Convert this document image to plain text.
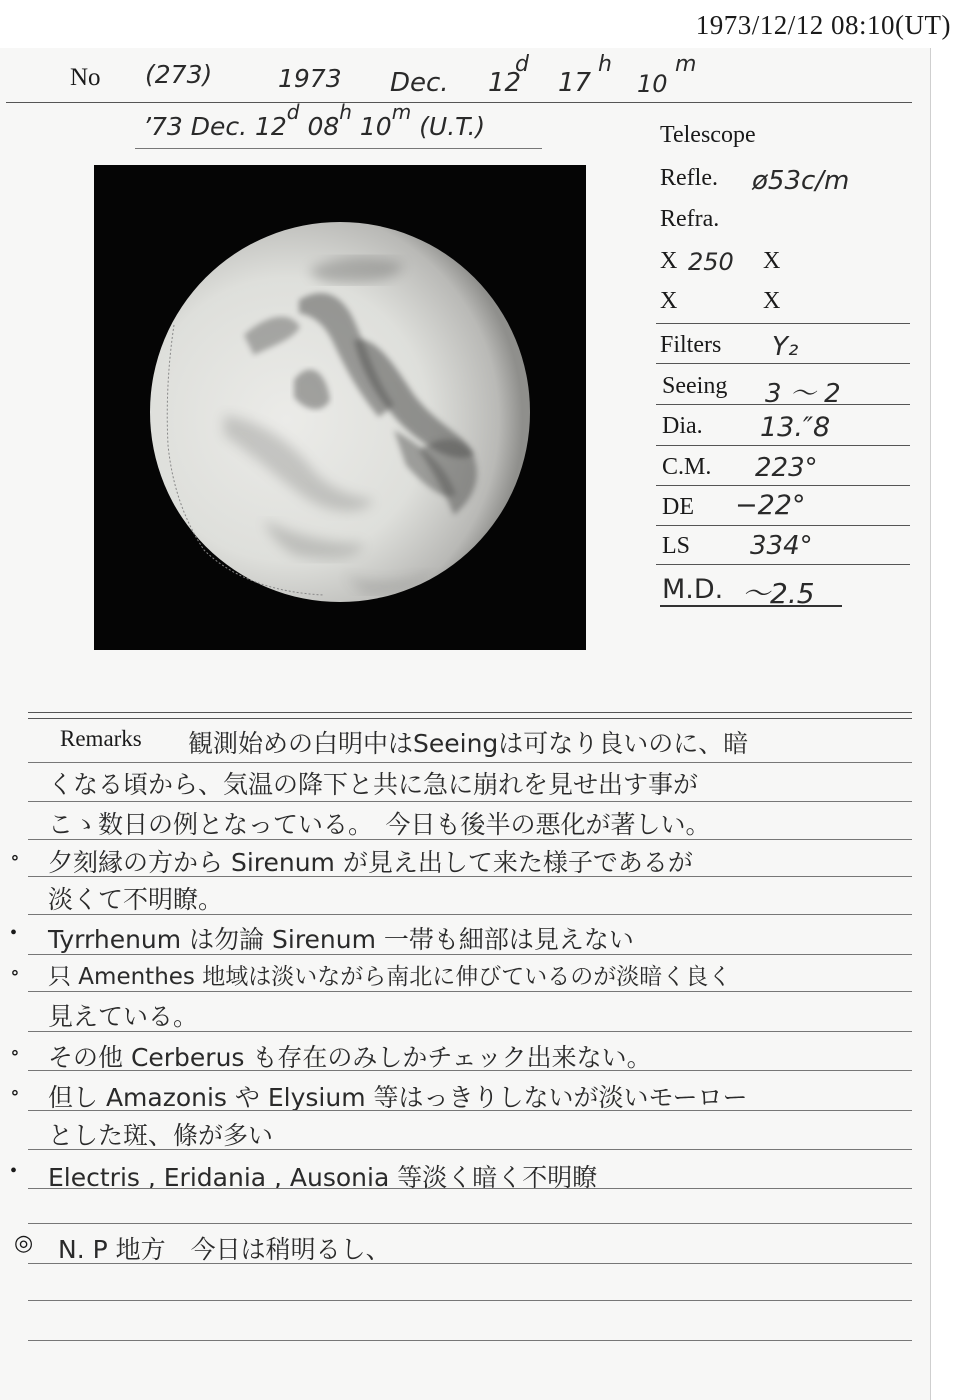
1973/12/12 08:10(UT)
No (273)	1973 Dec. 12
d
17
h
10
m
’73 Dec. 12$^d$ 08$^h$ 10$^m$ (U.T.)	Telescope
Refle. ø53c/m
Refra.
X 250 X
X	X
Filters Y₂
Seeing 3 ～ 2
Dia. 13.″8
C.M. 223°
DE −22°
LS 334°
M.D. ～2.5
Remarks 観測始めの白明中はSeeingは可なり良いのに、暗
くなる頃から、気温の降下と共に急に崩れを見せ出す事が
こゝ数日の例となっている。　今日も後半の悪化が著しい。
∘ 夕刻縁の方から Sirenum が見え出して来た様子であるが
淡くて不明瞭。
• Tyrrhenum は勿論 Sirenum 一帯も細部は見えない
∘ 只 Amenthes 地域は淡いながら南北に伸びているのが淡暗く良く
見えている。
∘ その他 Cerberus も存在のみしかチェック出来ない。
∘ 但し Amazonis や Elysium 等はっきりしないが淡いモーロー
とした斑、條が多い
• Electris , Eridania , Ausonia 等淡く暗く不明瞭
◎ N. P 地方　今日は稍明るし、
